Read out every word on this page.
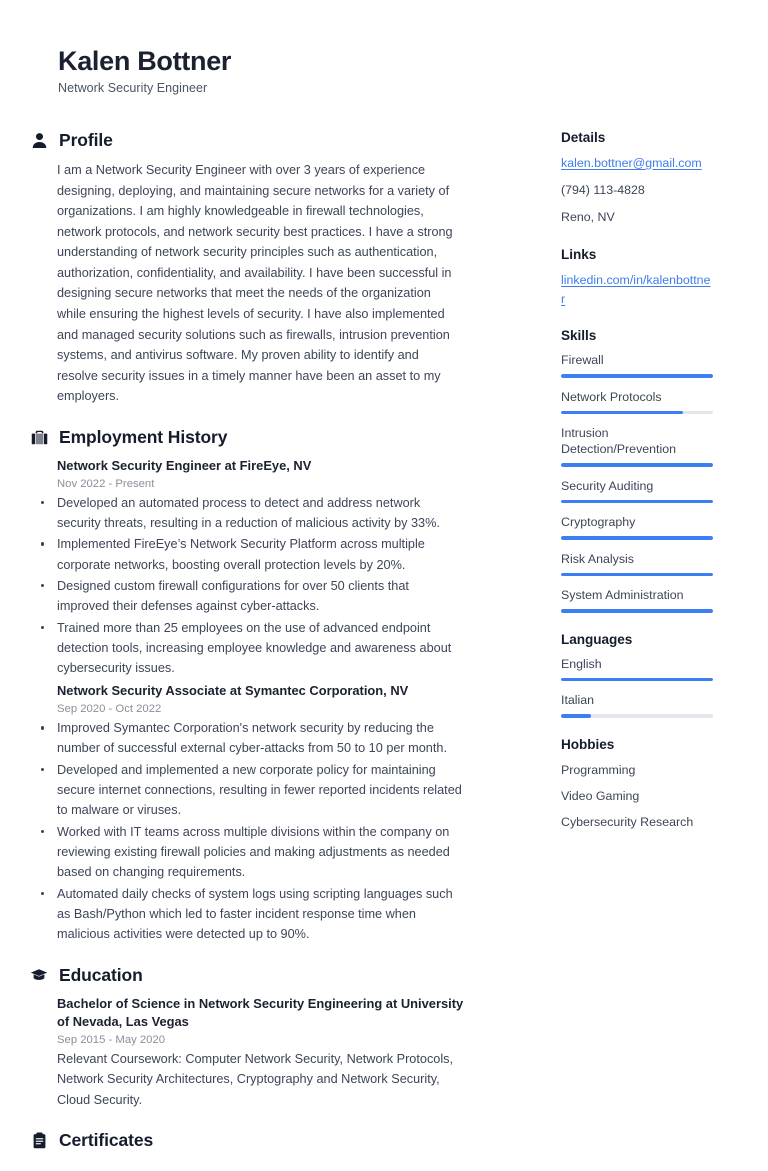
Kalen Bottner
Network Security Engineer
Profile
I am a Network Security Engineer with over 3 years of experience designing, deploying, and maintaining secure networks for a variety of organizations. I am highly knowledgeable in firewall technologies, network protocols, and network security best practices. I have a strong understanding of network security principles such as authentication, authorization, confidentiality, and availability. I have been successful in designing secure networks that meet the needs of the organization while ensuring the highest levels of security. I have also implemented and managed security solutions such as firewalls, intrusion prevention systems, and antivirus software. My proven ability to identify and resolve security issues in a timely manner have been an asset to my employers.
Employment History
Network Security Engineer at FireEye, NV
Nov 2022 - Present
Developed an automated process to detect and address network security threats, resulting in a reduction of malicious activity by 33%.
Implemented FireEye’s Network Security Platform across multiple corporate networks, boosting overall protection levels by 20%.
Designed custom firewall configurations for over 50 clients that improved their defenses against cyber-attacks.
Trained more than 25 employees on the use of advanced endpoint detection tools, increasing employee knowledge and awareness about cybersecurity issues.
Network Security Associate at Symantec Corporation, NV
Sep 2020 - Oct 2022
Improved Symantec Corporation's network security by reducing the number of successful external cyber-attacks from 50 to 10 per month.
Developed and implemented a new corporate policy for maintaining secure internet connections, resulting in fewer reported incidents related to malware or viruses.
Worked with IT teams across multiple divisions within the company on reviewing existing firewall policies and making adjustments as needed based on changing requirements.
Automated daily checks of system logs using scripting languages such as Bash/Python which led to faster incident response time when malicious activities were detected up to 90%.
Education
Bachelor of Science in Network Security Engineering at University of Nevada, Las Vegas
Sep 2015 - May 2020
Relevant Coursework: Computer Network Security, Network Protocols, Network Security Architectures, Cryptography and Network Security, Cloud Security.
Certificates
Details
kalen.bottner@gmail.com
(794) 113-4828
Reno, NV
Links
linkedin.com/in/kalenbottner
Skills
Firewall
Network Protocols
Intrusion Detection/Prevention
Security Auditing
Cryptography
Risk Analysis
System Administration
Languages
English
Italian
Hobbies
Programming
Video Gaming
Cybersecurity Research
